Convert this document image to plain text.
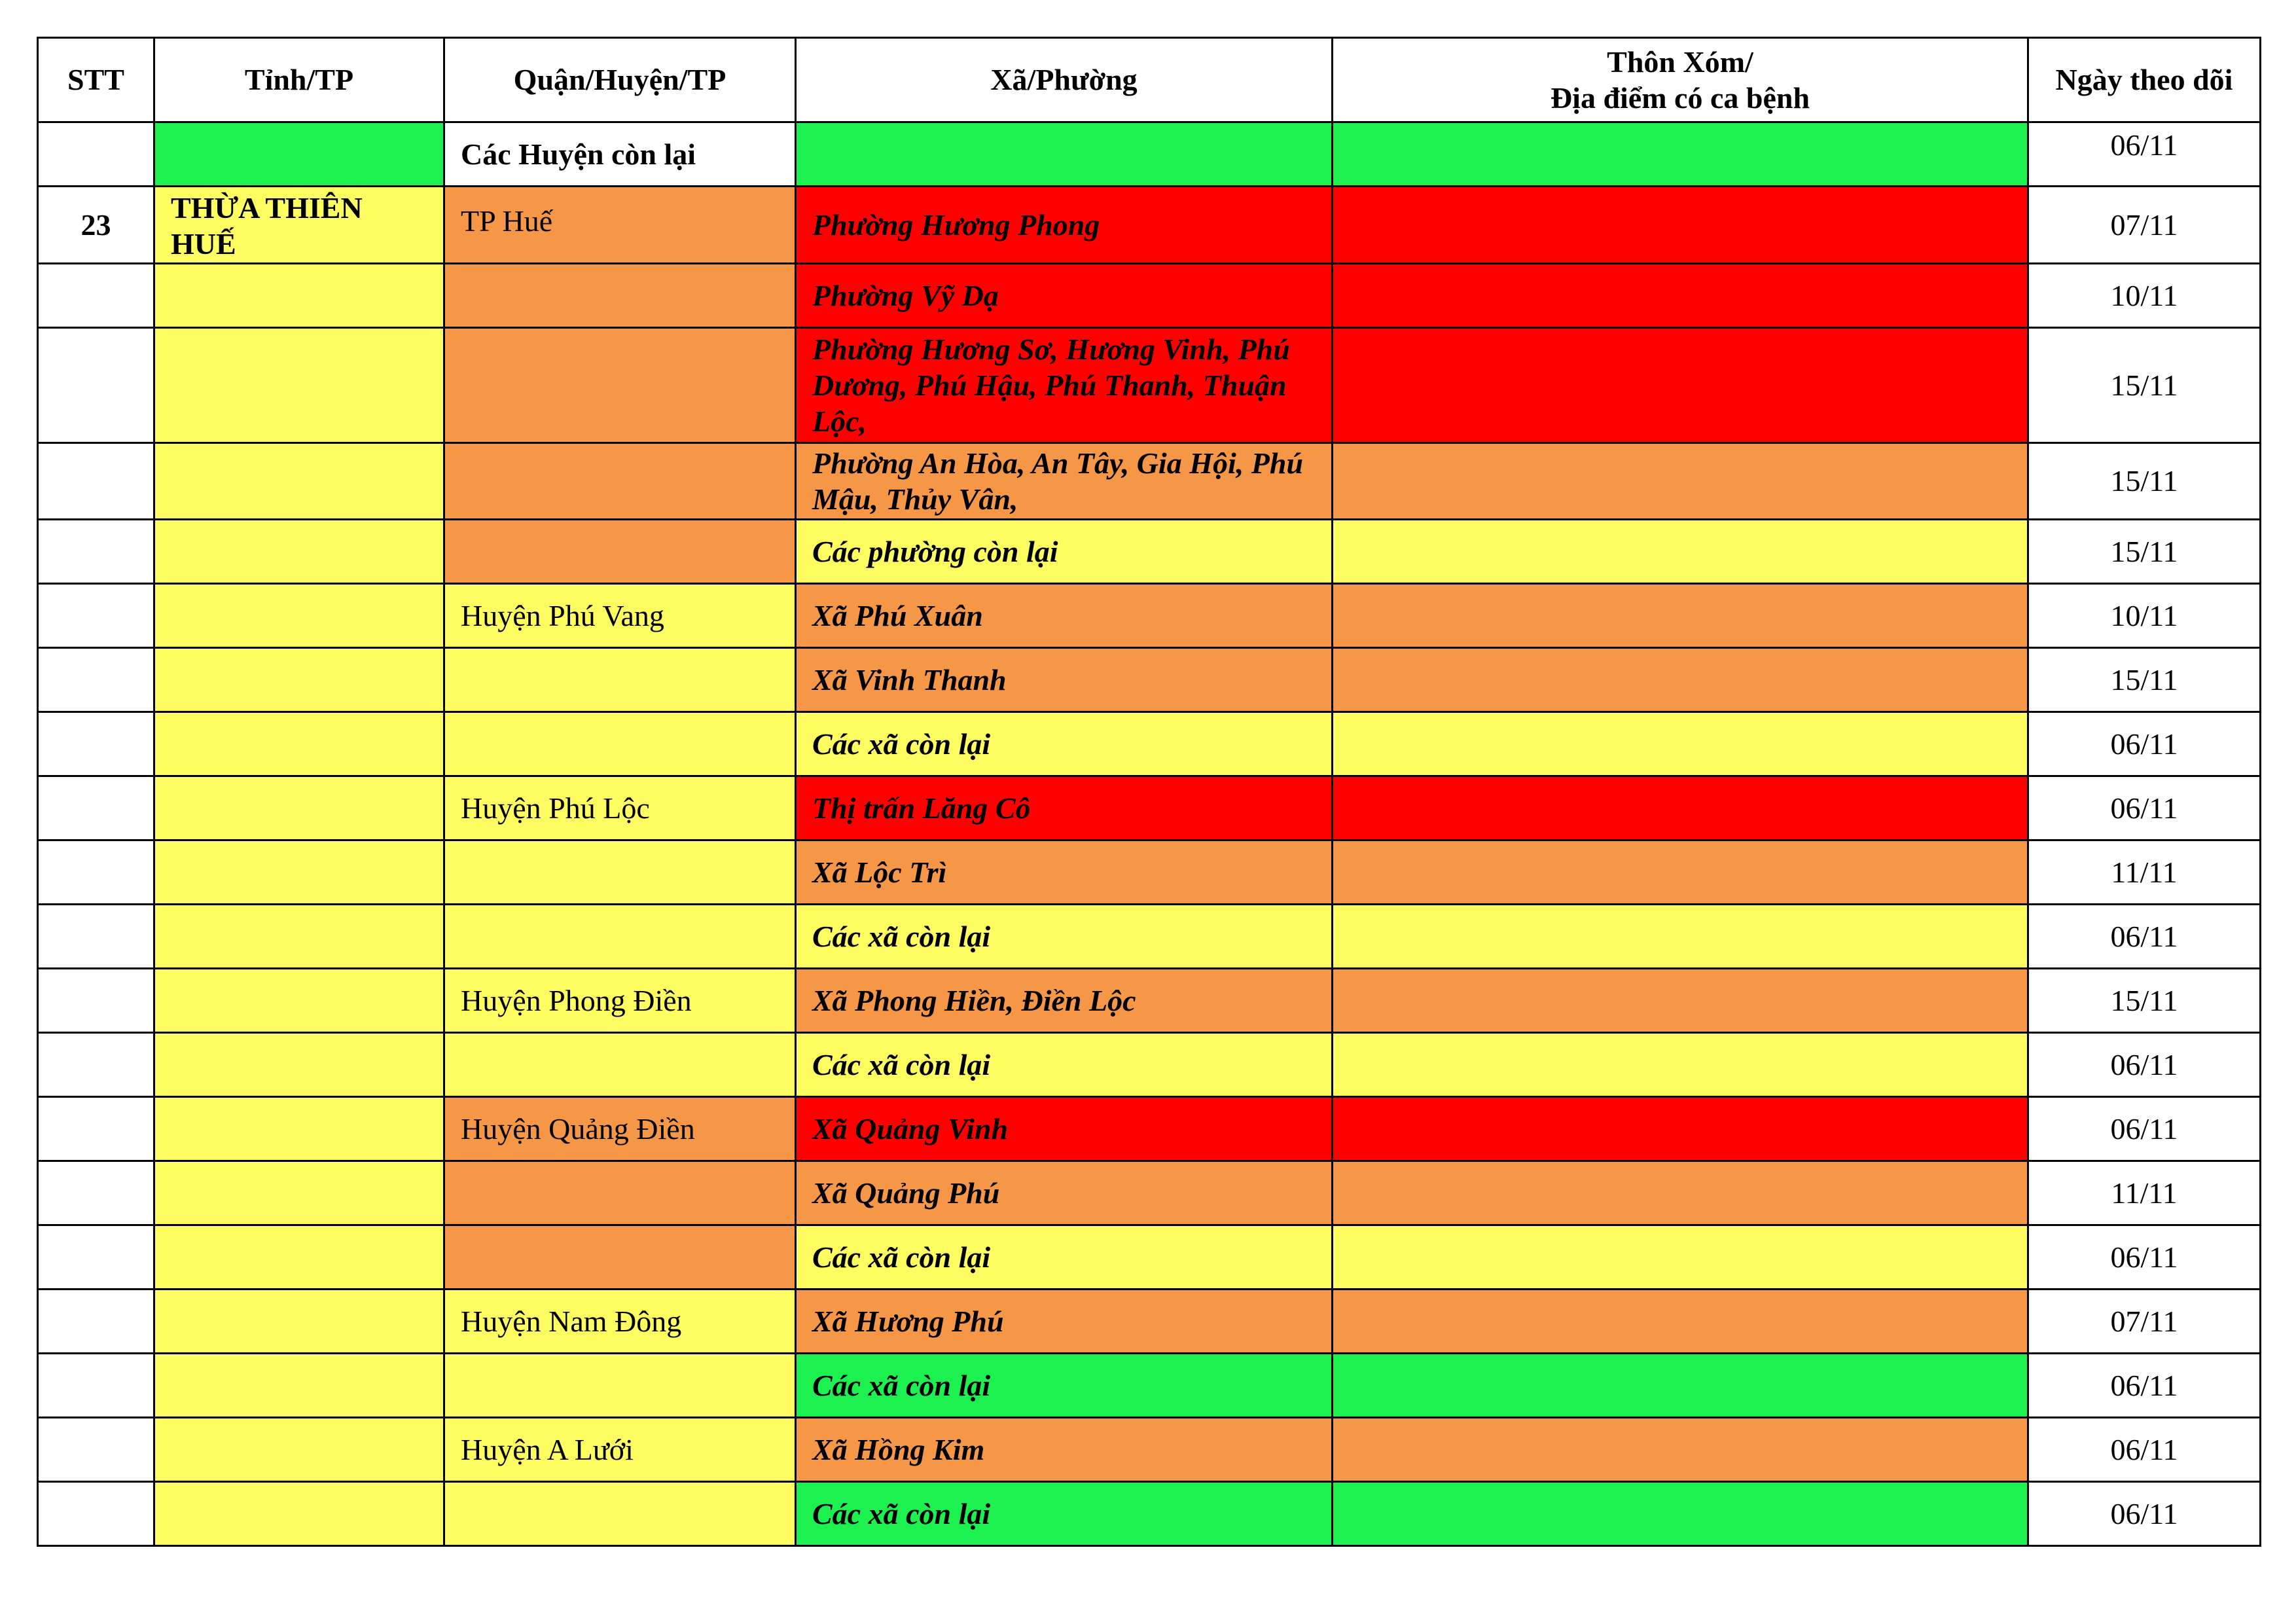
STT	Tỉnh/TP	Quận/Huyện/TP	Xã/Phường	Thôn Xóm/
Địa điểm có ca bệnh	Ngày theo dõi
		Các Huyện còn lại			06/11
23	THỪA THIÊN HUẾ	TP Huế	Phường Hương Phong		07/11
			Phường Vỹ Dạ		10/11
			Phường Hương Sơ, Hương Vinh, Phú Dương, Phú Hậu, Phú Thanh, Thuận Lộc,		15/11
			Phường An Hòa, An Tây, Gia Hội, Phú Mậu, Thủy Vân,		15/11
			Các phường còn lại		15/11
		Huyện Phú Vang	Xã Phú Xuân		10/11
			Xã Vinh Thanh		15/11
			Các xã còn lại		06/11
		Huyện Phú Lộc	Thị trấn Lăng Cô		06/11
			Xã Lộc Trì		11/11
			Các xã còn lại		06/11
		Huyện Phong Điền	Xã Phong Hiền, Điền Lộc		15/11
			Các xã còn lại		06/11
		Huyện Quảng Điền	Xã Quảng Vinh		06/11
			Xã Quảng Phú		11/11
			Các xã còn lại		06/11
		Huyện Nam Đông	Xã Hương Phú		07/11
			Các xã còn lại		06/11
		Huyện A Lưới	Xã Hồng Kim		06/11
			Các xã còn lại		06/11
